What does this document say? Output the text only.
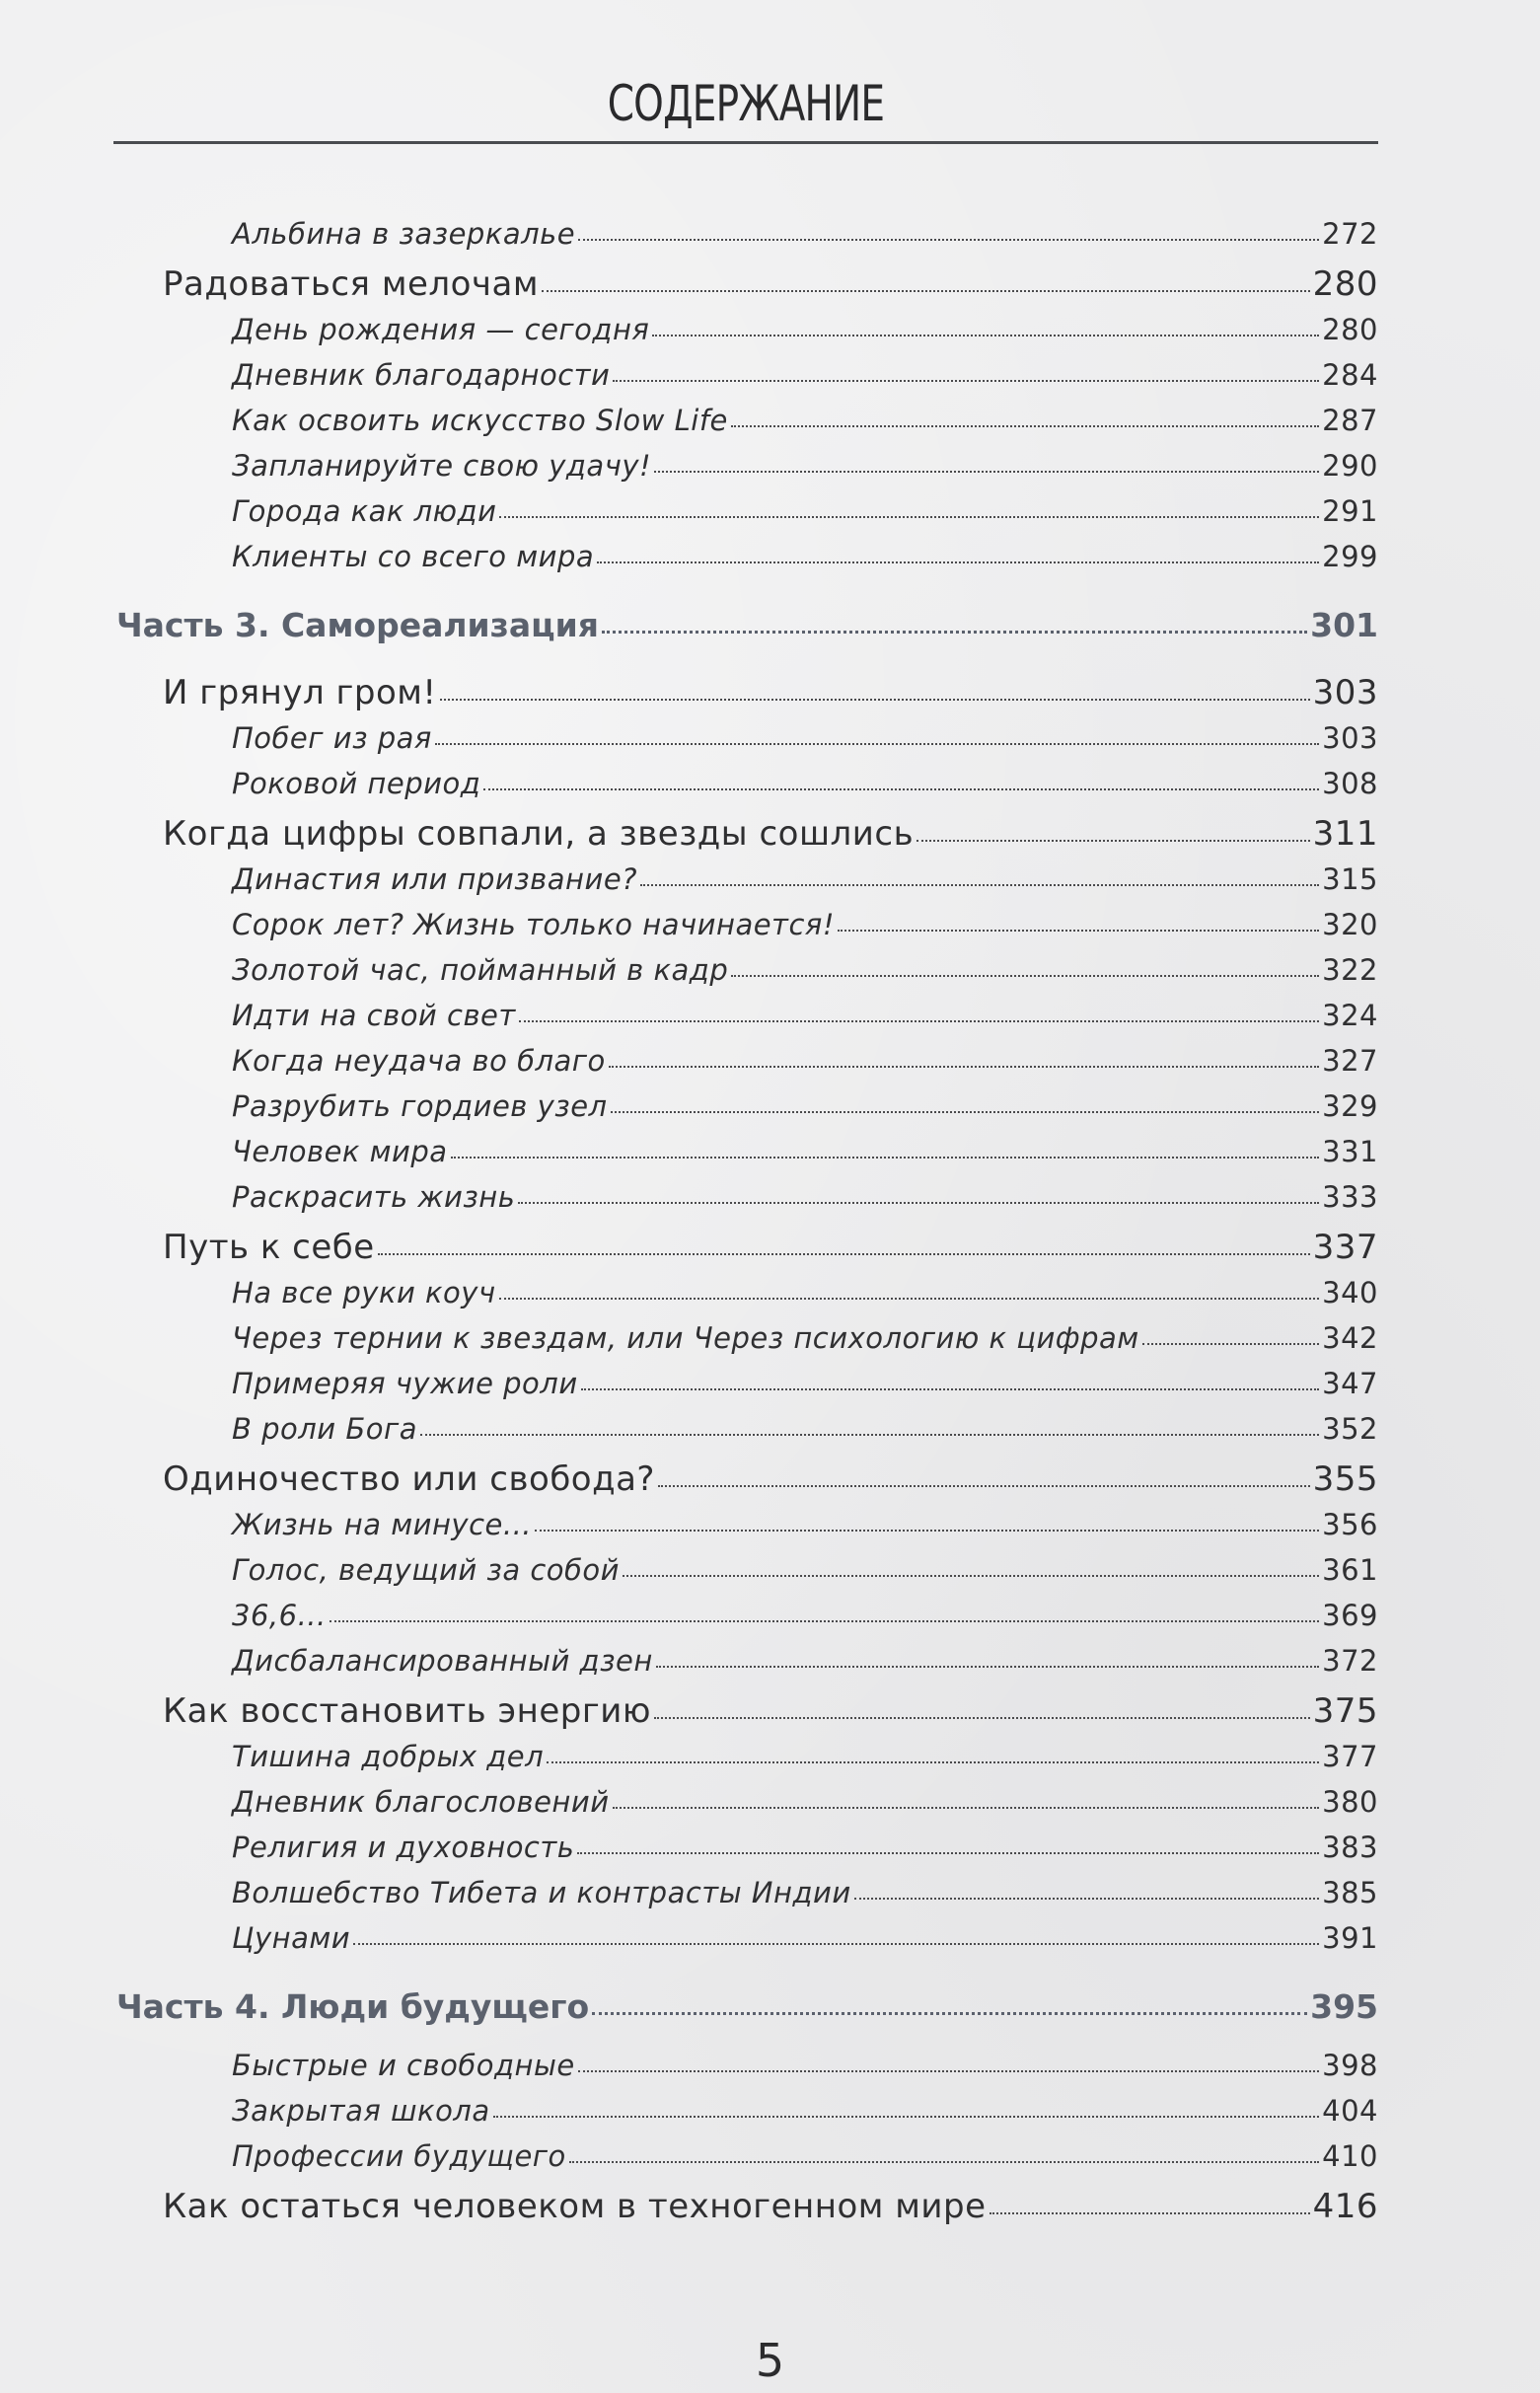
СОДЕРЖАНИЕ
Альбина в зазеркалье	272
Радоваться мелочам	280
День рождения — сегодня	280
Дневник благодарности	284
Как освоить искусство Slow Life	287
Запланируйте свою удачу!	290
Города как люди	291
Клиенты со всего мира	299
Часть 3. Самореализация	301
И грянул гром!	303
Побег из рая	303
Роковой период	308
Когда цифры совпали, а звезды сошлись	311
Династия или призвание?	315
Сорок лет? Жизнь только начинается!	320
Золотой час, пойманный в кадр	322
Идти на свой свет	324
Когда неудача во благо	327
Разрубить гордиев узел	329
Человек мира	331
Раскрасить жизнь	333
Путь к себе	337
На все руки коуч	340
Через тернии к звездам, или Через психологию к цифрам	342
Примеряя чужие роли	347
В роли Бога	352
Одиночество или свобода?	355
Жизнь на минусе...	356
Голос, ведущий за собой	361
36,6...	369
Дисбалансированный дзен	372
Как восстановить энергию	375
Тишина добрых дел	377
Дневник благословений	380
Религия и духовность	383
Волшебство Тибета и контрасты Индии	385
Цунами	391
Часть 4. Люди будущего	395
Быстрые и свободные	398
Закрытая школа	404
Профессии будущего	410
Как остаться человеком в техногенном мире	416
5
